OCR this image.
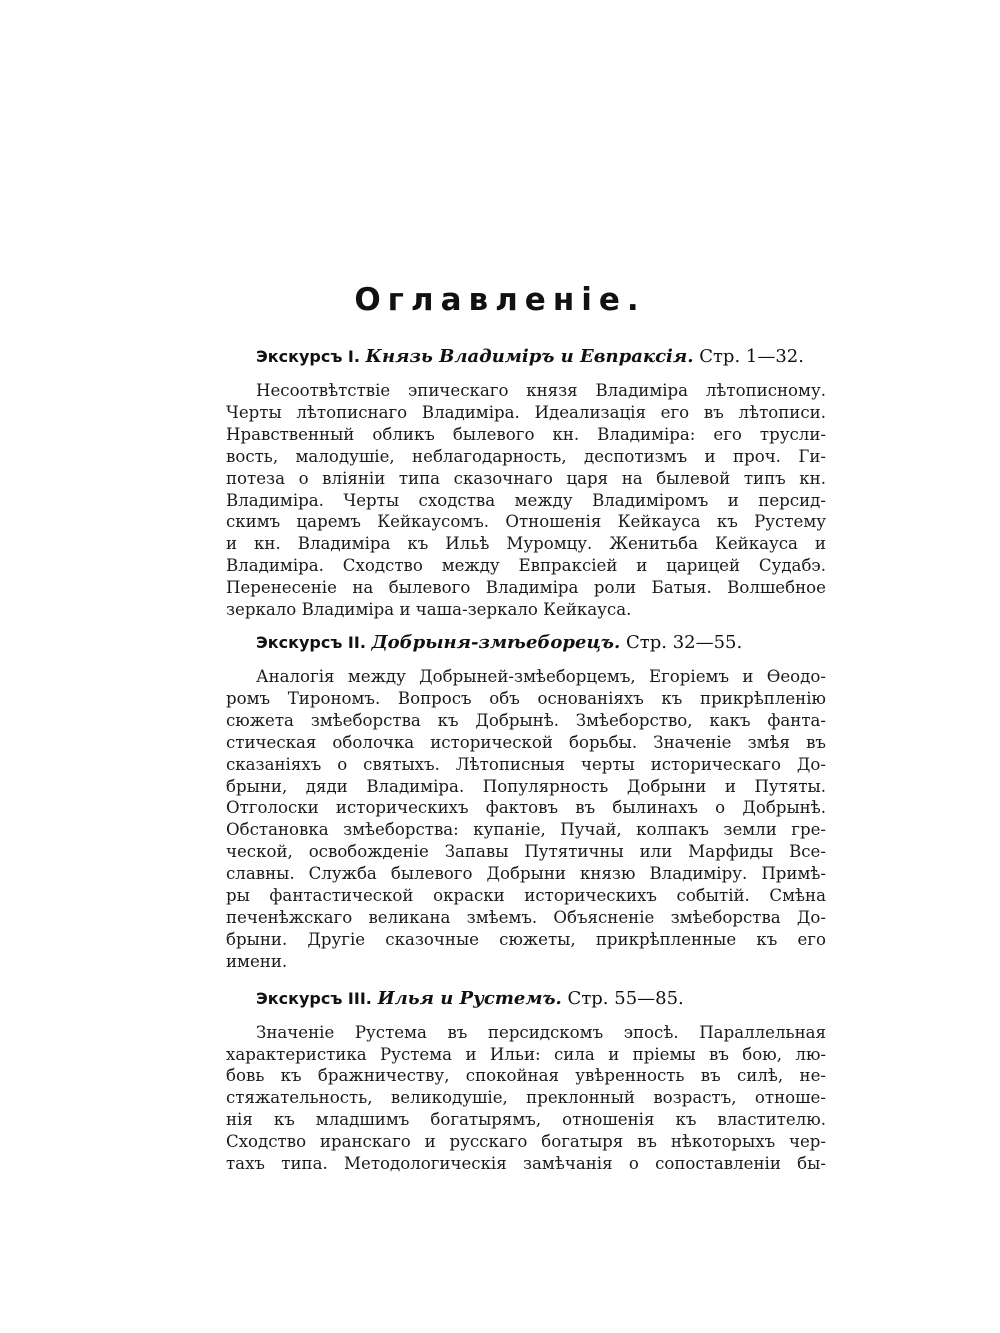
Оглавленіе.
Экскурсъ I. Князь Владиміръ и Евпраксія. Стр. 1—32.
Несоотвѣтствіе эпическаго князя Владиміра лѣтописному.
Черты лѣтописнаго Владиміра. Идеализація его въ лѣтописи.
Нравственный обликъ былевого кн. Владиміра: его трусли-
вость, малодушіе, неблагодарность, деспотизмъ и проч. Ги-
потеза о вліяніи типа сказочнаго царя на былевой типъ кн.
Владиміра. Черты сходства между Владиміромъ и персид-
скимъ царемъ Кейкаусомъ. Отношенія Кейкауса къ Рустему
и кн. Владиміра къ Ильѣ Муромцу. Женитьба Кейкауса и
Владиміра. Сходство между Евпраксіей и царицей Судабэ.
Перенесеніе на былевого Владиміра роли Батыя. Волшебное
зеркало Владиміра и чаша-зеркало Кейкауса.
Экскурсъ II. Добрыня-змѣеборецъ. Стр. 32—55.
Аналогія между Добрыней-змѣеборцемъ, Егоріемъ и Ѳеодо-
ромъ Тирономъ. Вопросъ объ основаніяхъ къ прикрѣпленію
сюжета змѣеборства къ Добрынѣ. Змѣеборство, какъ фанта-
стическая оболочка исторической борьбы. Значеніе змѣя въ
сказаніяхъ о святыхъ. Лѣтописныя черты историческаго До-
брыни, дяди Владиміра. Популярность Добрыни и Путяты.
Отголоски историческихъ фактовъ въ былинахъ о Добрынѣ.
Обстановка змѣеборства: купаніе, Пучай, колпакъ земли гре-
ческой, освобожденіе Запавы Путятичны или Марфиды Все-
славны. Служба былевого Добрыни князю Владиміру. Примѣ-
ры фантастической окраски историческихъ событій. Смѣна
печенѣжскаго великана змѣемъ. Объясненіе змѣеборства До-
брыни. Другіе сказочные сюжеты, прикрѣпленные къ его
имени.
Экскурсъ III. Илья и Рустемъ. Стр. 55—85.
Значеніе Рустема въ персидскомъ эпосѣ. Параллельная
характеристика Рустема и Ильи: сила и пріемы въ бою, лю-
бовь къ бражничеству, спокойная увѣренность въ силѣ, не-
стяжательность, великодушіе, преклонный возрастъ, отноше-
нія къ младшимъ богатырямъ, отношенія къ властителю.
Сходство иранскаго и русскаго богатыря въ нѣкоторыхъ чер-
тахъ типа. Методологическія замѣчанія о сопоставленіи бы-
